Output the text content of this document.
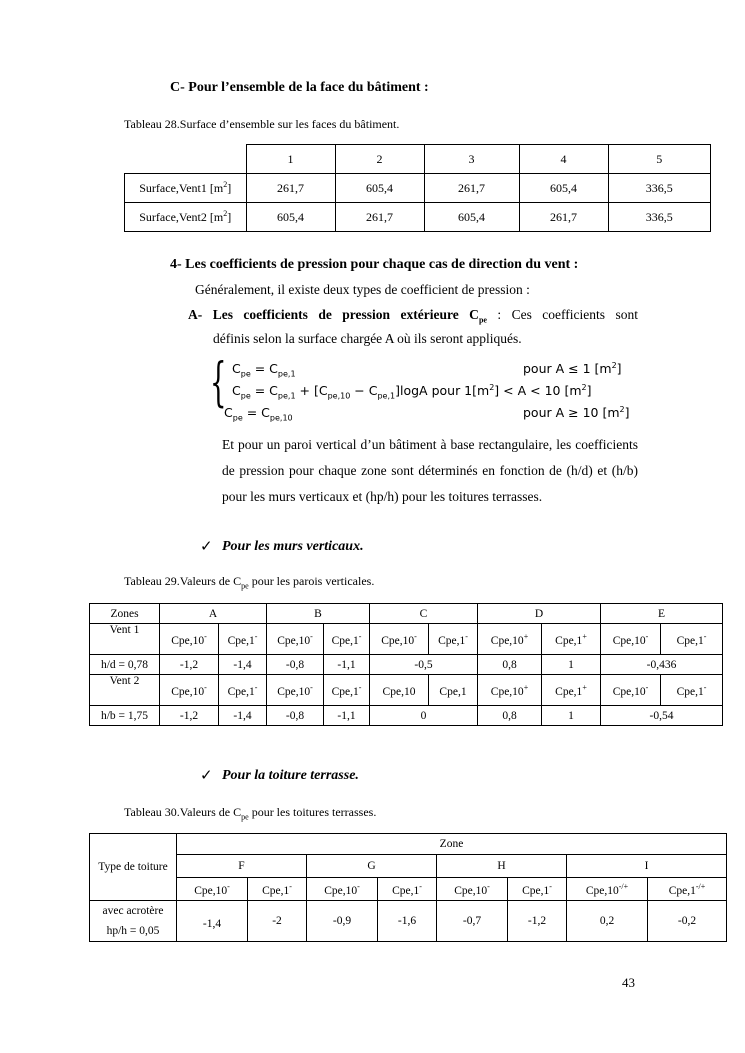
C- Pour l’ensemble de la face du bâtiment :
Tableau 28.Surface d’ensemble sur les faces du bâtiment.
	1	2	3	4	5
Surface,Vent1 $[m^2]$	261,7	605,4	261,7	605,4	336,5
Surface,Vent2 $[m^2]$	605,4	261,7	605,4	261,7	336,5
4- Les coefficients de pression pour chaque cas de direction du vent :
Généralement, il existe deux types de coefficient de pression :
A- Les coefficients de pression extérieure $C_{pe}$ : Ces coefficients sont
définis selon la surface chargée A où ils seront appliqués.
{ $C_{pe} = C_{pe,1}$	pour A ≤ 1 $[m^2]$
$C_{pe} = C_{pe,1} + [C_{pe,10} - C_{pe,1}]\log A$ pour $1[m^2] < A < 10$ $[m^2]$
$C_{pe} = C_{pe,10}$	pour A ≥ 10 $[m^2]$
Et pour un paroi vertical d’un bâtiment à base rectangulaire, les coefficients de pression pour chaque zone sont déterminés en fonction de (h/d) et (h/b) pour les murs verticaux et (hp/h) pour les toitures terrasses.
✓ Pour les murs verticaux.
Tableau 29.Valeurs de $C_{pe}$ pour les parois verticales.
Zones	A		B		C		D		E	
Vent 1	Cpe,10-	Cpe,1-	Cpe,10-	Cpe,1-	Cpe,10-	Cpe,1-	Cpe,10+	Cpe,1+	Cpe,10-	Cpe,1-
h/d = 0,78	-1,2	-1,4	-0,8	-1,1	-0,5		0,8	1	-0,436	
Vent 2	Cpe,10-	Cpe,1-	Cpe,10-	Cpe,1-	Cpe,10	Cpe,1	Cpe,10+	Cpe,1+	Cpe,10-	Cpe,1-
h/b = 1,75	-1,2	-1,4	-0,8	-1,1	0		0,8	1	-0,54	
✓ Pour la toiture terrasse.
Tableau 30.Valeurs de $C_{pe}$ pour les toitures terrasses.
Type de toiture	Zone							
	F		G		H		I	
	Cpe,10-	Cpe,1-	Cpe,10-	Cpe,1-	Cpe,10-	Cpe,1-	Cpe,10-/+	Cpe,1-/+

avec acrotère
hp/h = 0,05	-1,4	-2	-0,9	-1,6	-0,7	-1,2	0,2	-0,2
43
